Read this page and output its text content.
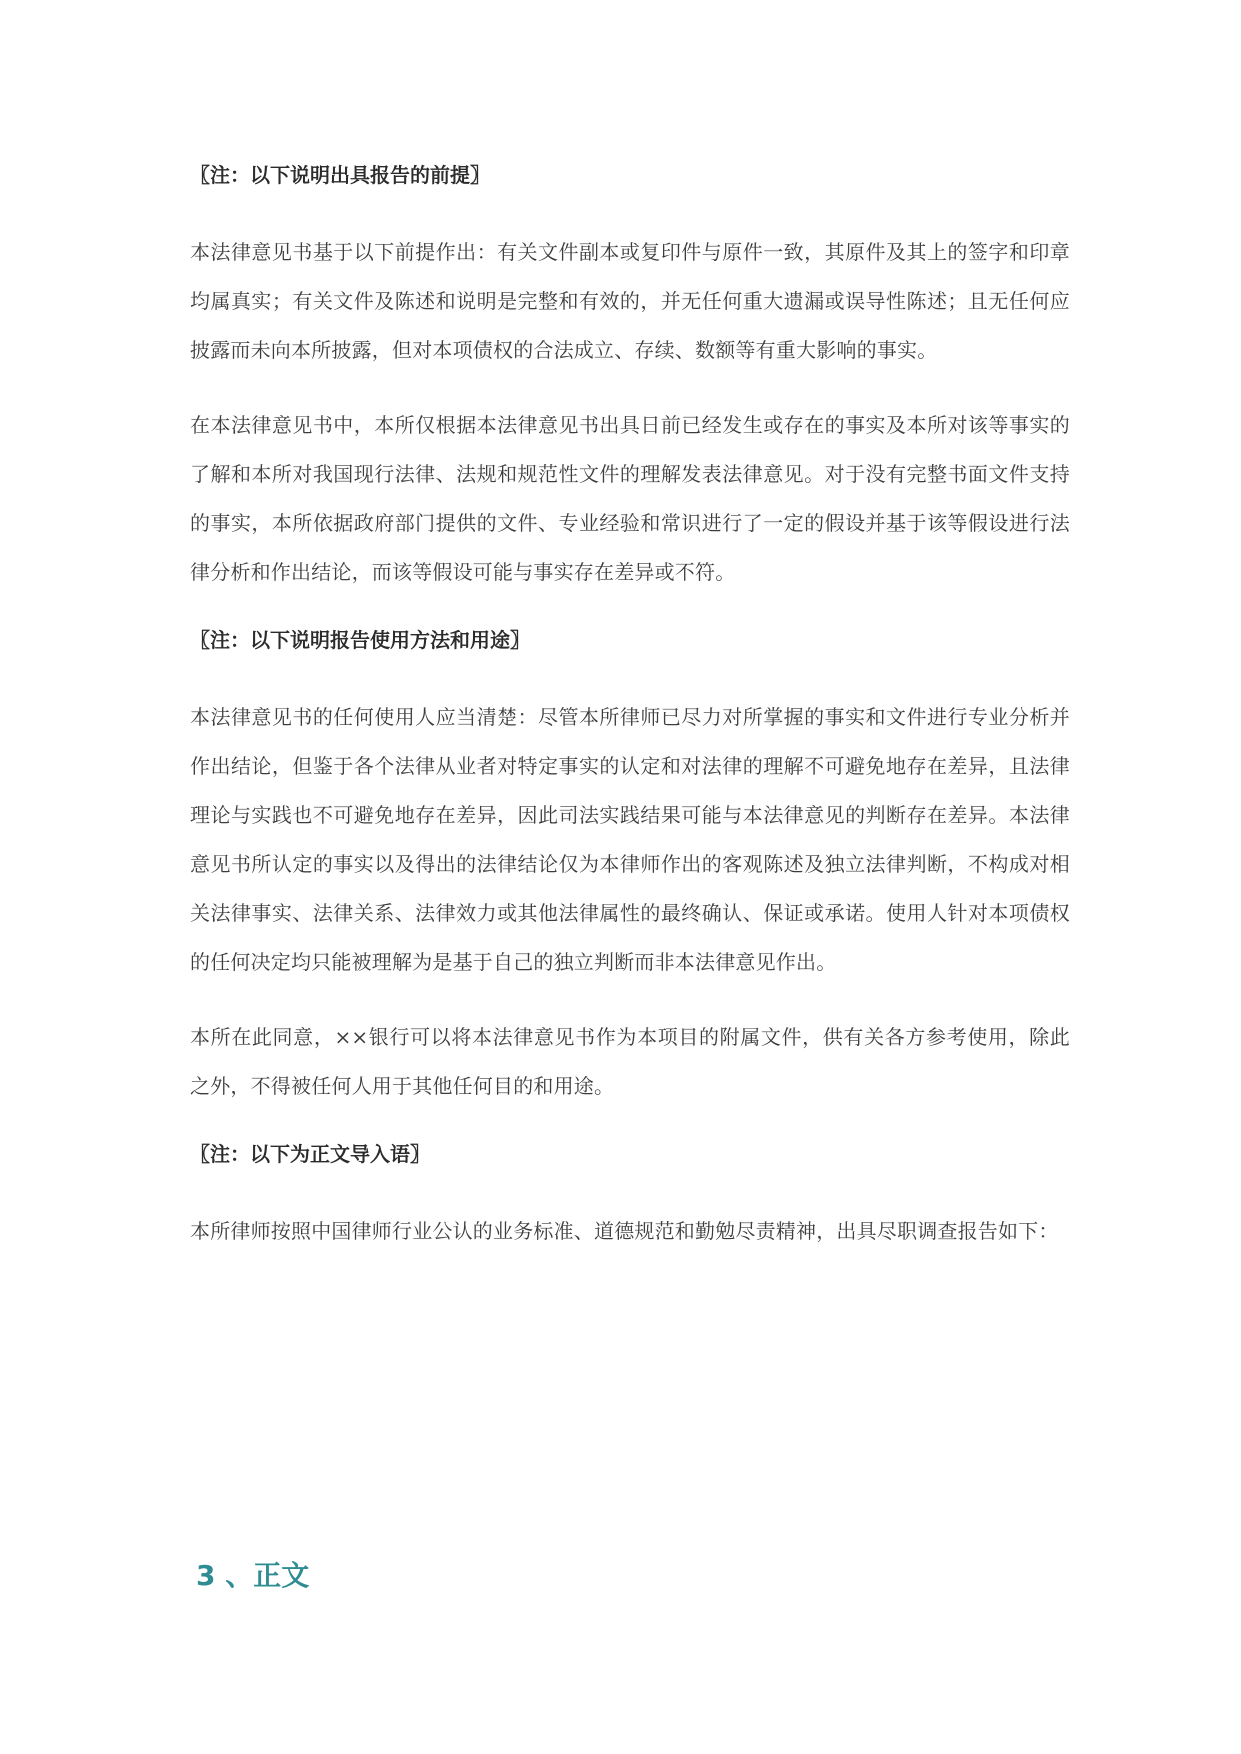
〖注：以下说明出具报告的前提〗

本法律意见书基于以下前提作出：有关文件副本或复印件与原件一致，其原件及其上的签字和印章均属真实；有关文件及陈述和说明是完整和有效的，并无任何重大遗漏或误导性陈述；且无任何应披露而未向本所披露，但对本项债权的合法成立、存续、数额等有重大影响的事实。

在本法律意见书中，本所仅根据本法律意见书出具日前已经发生或存在的事实及本所对该等事实的了解和本所对我国现行法律、法规和规范性文件的理解发表法律意见。对于没有完整书面文件支持的事实，本所依据政府部门提供的文件、专业经验和常识进行了一定的假设并基于该等假设进行法律分析和作出结论，而该等假设可能与事实存在差异或不符。

〖注：以下说明报告使用方法和用途〗

本法律意见书的任何使用人应当清楚：尽管本所律师已尽力对所掌握的事实和文件进行专业分析并作出结论，但鉴于各个法律从业者对特定事实的认定和对法律的理解不可避免地存在差异，且法律理论与实践也不可避免地存在差异，因此司法实践结果可能与本法律意见的判断存在差异。本法律意见书所认定的事实以及得出的法律结论仅为本律师作出的客观陈述及独立法律判断，不构成对相关法律事实、法律关系、法律效力或其他法律属性的最终确认、保证或承诺。使用人针对本项债权的任何决定均只能被理解为是基于自己的独立判断而非本法律意见作出。

本所在此同意，××银行可以将本法律意见书作为本项目的附属文件，供有关各方参考使用，除此之外，不得被任何人用于其他任何目的和用途。

〖注：以下为正文导入语〗

本所律师按照中国律师行业公认的业务标准、道德规范和勤勉尽责精神，出具尽职调查报告如下：

3 、正文
